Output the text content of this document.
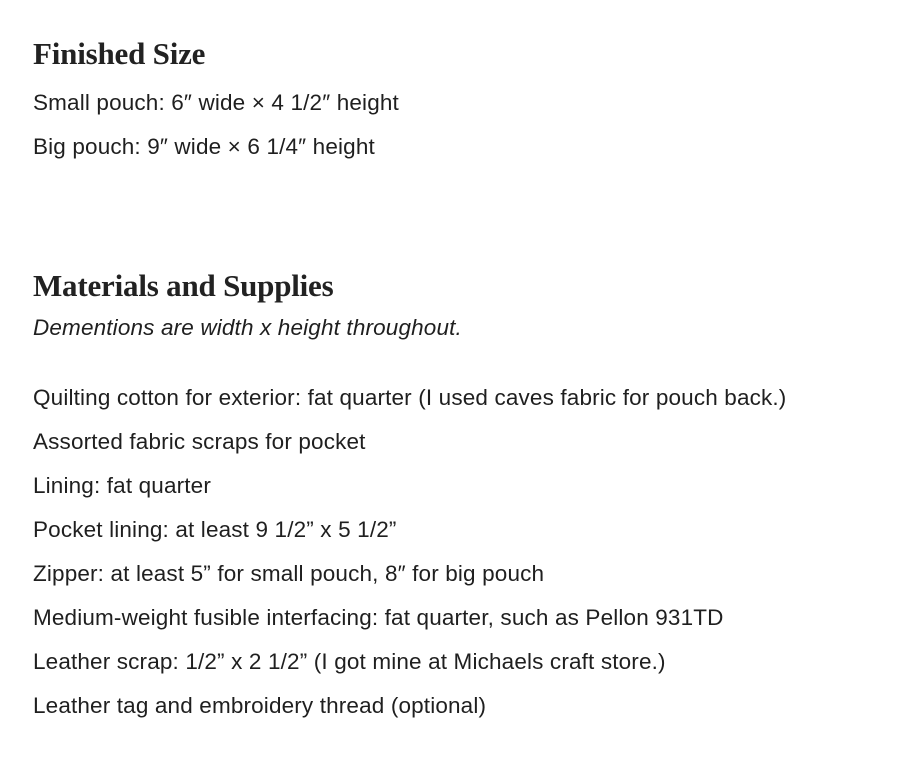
Finished Size

Small pouch: 6″ wide × 4 1/2″ height

Big pouch: 9″ wide × 6 1/4″ height

Materials and Supplies

Dementions are width x height throughout.

Quilting cotton for exterior: fat quarter (I used caves fabric for pouch back.)

Assorted fabric scraps for pocket

Lining: fat quarter

Pocket lining: at least 9 1/2” x 5 1/2”

Zipper: at least 5” for small pouch, 8″ for big pouch

Medium-weight fusible interfacing: fat quarter, such as Pellon 931TD

Leather scrap: 1/2” x 2 1/2” (I got mine at Michaels craft store.)

Leather tag and embroidery thread (optional)
